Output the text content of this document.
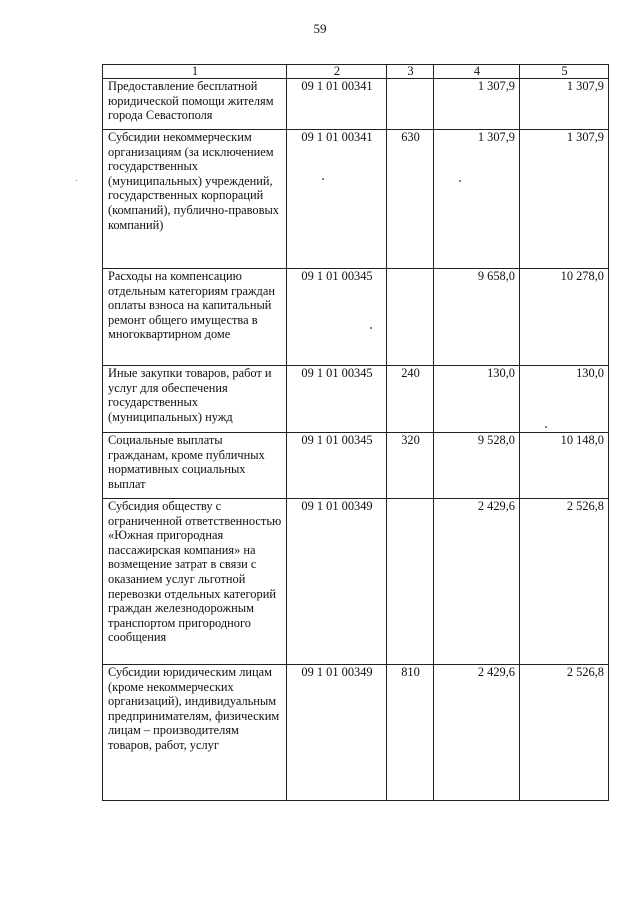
59
1	2	3	4	5
Предоставление бесплатной юридической помощи жителям города Севастополя	09 1 01 00341		1 307,9	1 307,9
Субсидии некоммерческим организациям (за исключением государственных (муниципальных) учреждений, государственных корпораций (компаний), публично-правовых компаний)	09 1 01 00341	630	1 307,9	1 307,9
Расходы на компенсацию отдельным категориям граждан оплаты взноса на капитальный ремонт общего имущества в многоквартирном доме	09 1 01 00345		9 658,0	10 278,0
Иные закупки товаров, работ и услуг для обеспечения государственных (муниципальных) нужд	09 1 01 00345	240	130,0	130,0
Социальные выплаты гражданам, кроме публичных нормативных социальных выплат	09 1 01 00345	320	9 528,0	10 148,0
Субсидия обществу с ограниченной ответственностью «Южная пригородная пассажирская компания» на возмещение затрат в связи с оказанием услуг льготной перевозки отдельных категорий граждан железнодорожным транспортом пригородного сообщения	09 1 01 00349		2 429,6	2 526,8
Субсидии юридическим лицам (кроме некоммерческих организаций), индивидуальным предпринимателям, физическим лицам – производителям товаров, работ, услуг	09 1 01 00349	810	2 429,6	2 526,8
